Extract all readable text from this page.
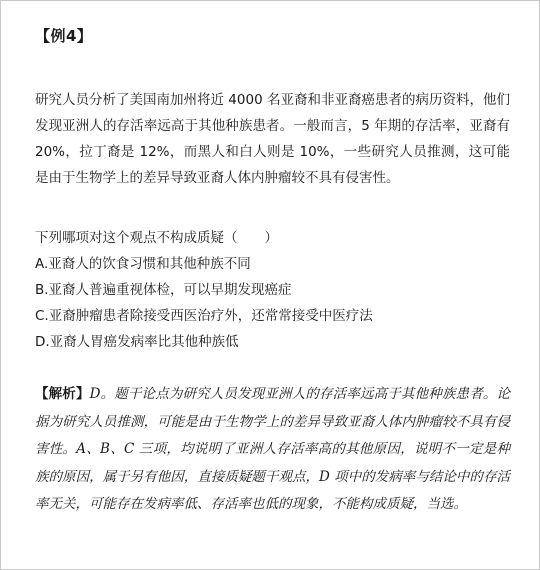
【例4】
研究人员分析了美国南加州将近 4000 名亚裔和非亚裔癌患者的病历资料，他们发现亚洲人的存活率远高于其他种族患者。一般而言，5 年期的存活率，亚裔有 20%，拉丁裔是 12%，而黑人和白人则是 10%，一些研究人员推测，这可能是由于生物学上的差异导致亚裔人体内肿瘤较不具有侵害性。
下列哪项对这个观点不构成质疑（　　）
A.亚裔人的饮食习惯和其他种族不同
B.亚裔人普遍重视体检，可以早期发现癌症
C.亚裔肿瘤患者除接受西医治疗外，还常常接受中医疗法
D.亚裔人胃癌发病率比其他种族低
【解析】D。题干论点为研究人员发现亚洲人的存活率远高于其他种族患者。论据为研究人员推测，可能是由于生物学上的差异导致亚裔人体内肿瘤较不具有侵害性。A、B、C 三项，均说明了亚洲人存活率高的其他原因，说明不一定是种族的原因，属于另有他因，直接质疑题干观点，D 项中的发病率与结论中的存活率无关，可能存在发病率低、存活率也低的现象，不能构成质疑，当选。
